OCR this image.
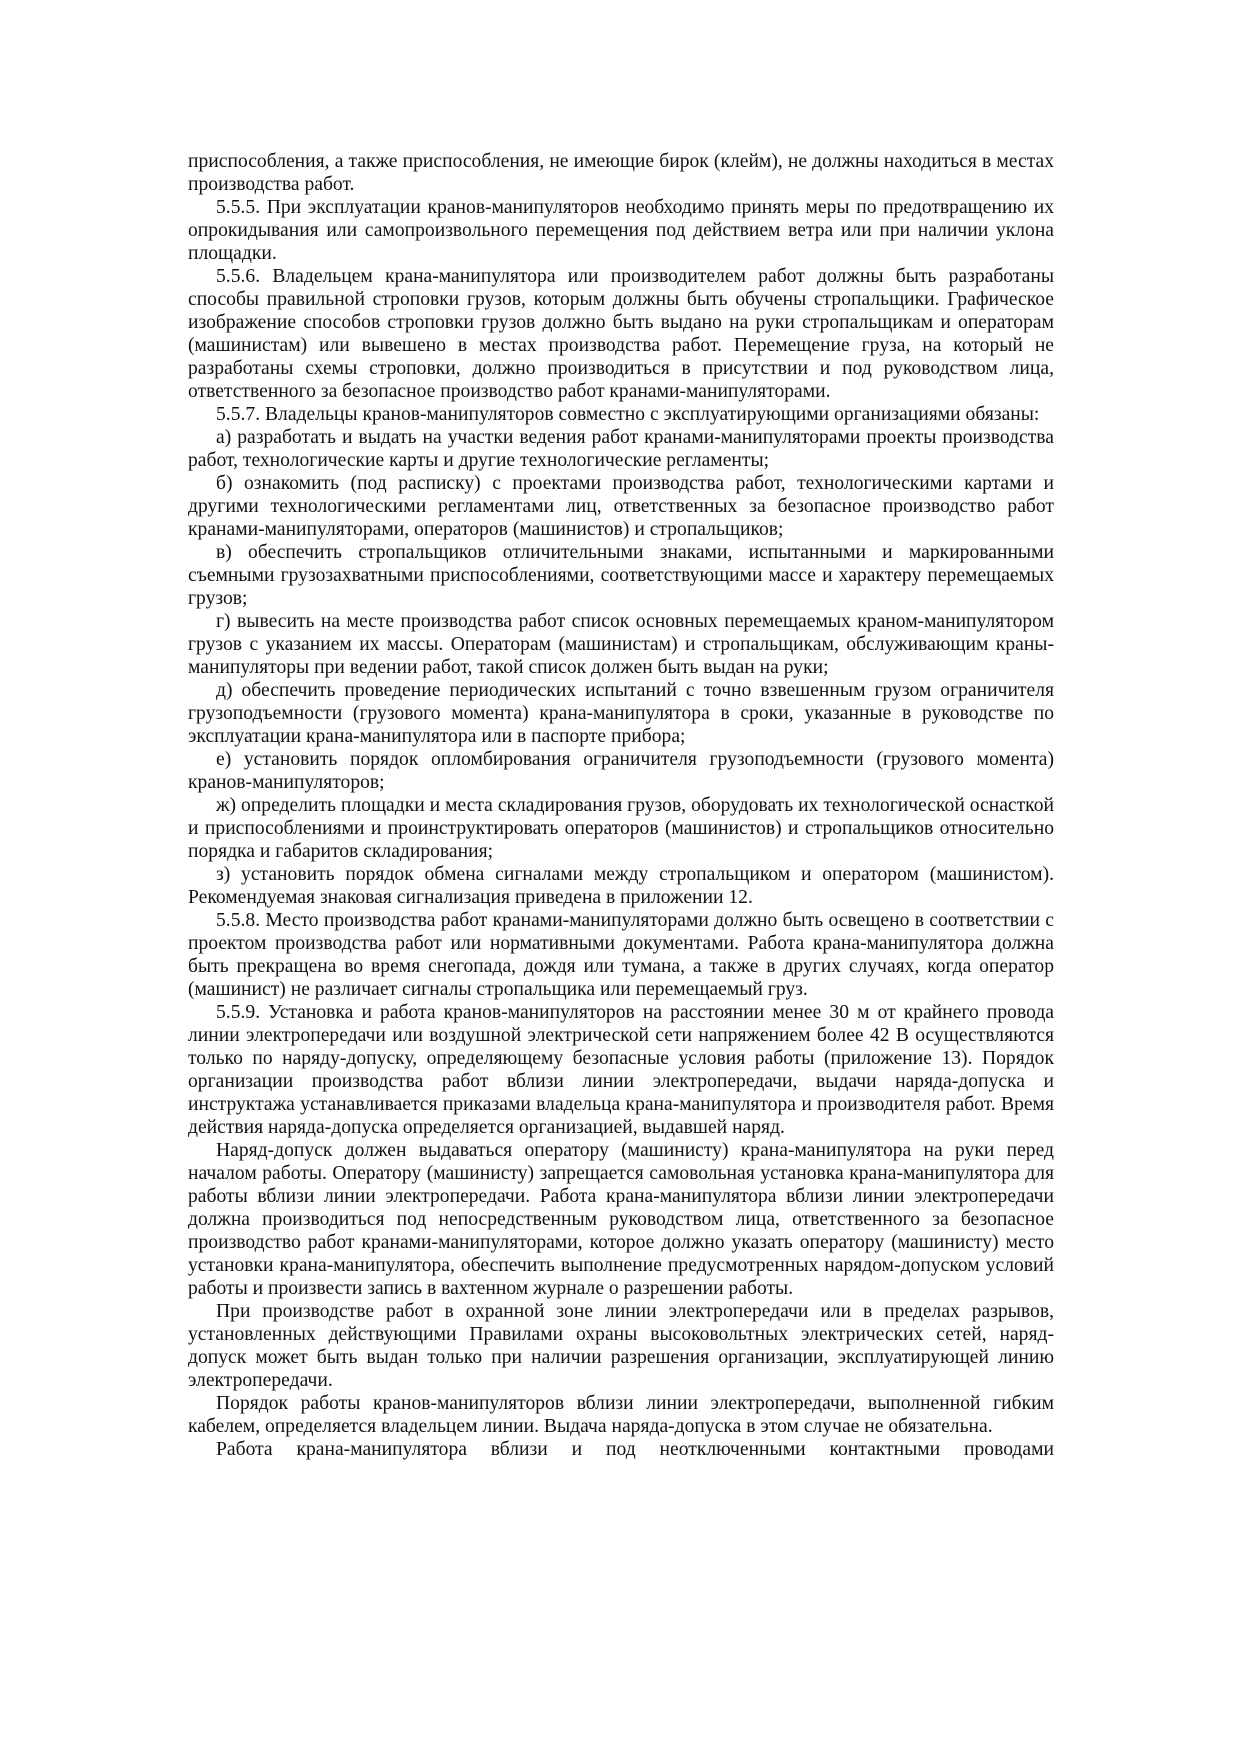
приспособления, а также приспособления, не имеющие бирок (клейм), не должны находиться в местах производства работ.

5.5.5. При эксплуатации кранов-манипуляторов необходимо принять меры по предотвращению их опрокидывания или самопроизвольного перемещения под действием ветра или при наличии уклона площадки.

5.5.6. Владельцем крана-манипулятора или производителем работ должны быть разработаны способы правильной строповки грузов, которым должны быть обучены стропальщики. Графическое изображение способов строповки грузов должно быть выдано на руки стропальщикам и операторам (машинистам) или вывешено в местах производства работ. Перемещение груза, на который не разработаны схемы строповки, должно производиться в присутствии и под руководством лица, ответственного за безопасное производство работ кранами-манипуляторами.

5.5.7. Владельцы кранов-манипуляторов совместно с эксплуатирующими организациями обязаны:

а) разработать и выдать на участки ведения работ кранами-манипуляторами проекты производства работ, технологические карты и другие технологические регламенты;

б) ознакомить (под расписку) с проектами производства работ, технологическими картами и другими технологическими регламентами лиц, ответственных за безопасное производство работ кранами-манипуляторами, операторов (машинистов) и стропальщиков;

в) обеспечить стропальщиков отличительными знаками, испытанными и маркированными съемными грузозахватными приспособлениями, соответствующими массе и характеру перемещаемых грузов;

г) вывесить на месте производства работ список основных перемещаемых краном-манипулятором грузов с указанием их массы. Операторам (машинистам) и стропальщикам, обслуживающим краны-манипуляторы при ведении работ, такой список должен быть выдан на руки;

д) обеспечить проведение периодических испытаний с точно взвешенным грузом ограничителя грузоподъемности (грузового момента) крана-манипулятора в сроки, указанные в руководстве по эксплуатации крана-манипулятора или в паспорте прибора;

е) установить порядок опломбирования ограничителя грузоподъемности (грузового момента) кранов-манипуляторов;

ж) определить площадки и места складирования грузов, оборудовать их технологической оснасткой и приспособлениями и проинструктировать операторов (машинистов) и стропальщиков относительно порядка и габаритов складирования;

з) установить порядок обмена сигналами между стропальщиком и оператором (машинистом). Рекомендуемая знаковая сигнализация приведена в приложении 12.

5.5.8. Место производства работ кранами-манипуляторами должно быть освещено в соответствии с проектом производства работ или нормативными документами. Работа крана-манипулятора должна быть прекращена во время снегопада, дождя или тумана, а также в других случаях, когда оператор (машинист) не различает сигналы стропальщика или перемещаемый груз.

5.5.9. Установка и работа кранов-манипуляторов на расстоянии менее 30 м от крайнего провода линии электропередачи или воздушной электрической сети напряжением более 42 В осуществляются только по наряду-допуску, определяющему безопасные условия работы (приложение 13). Порядок организации производства работ вблизи линии электропередачи, выдачи наряда-допуска и инструктажа устанавливается приказами владельца крана-манипулятора и производителя работ. Время действия наряда-допуска определяется организацией, выдавшей наряд.

Наряд-допуск должен выдаваться оператору (машинисту) крана-манипулятора на руки перед началом работы. Оператору (машинисту) запрещается самовольная установка крана-манипулятора для работы вблизи линии электропередачи. Работа крана-манипулятора вблизи линии электропередачи должна производиться под непосредственным руководством лица, ответственного за безопасное производство работ кранами-манипуляторами, которое должно указать оператору (машинисту) место установки крана-манипулятора, обеспечить выполнение предусмотренных нарядом-допуском условий работы и произвести запись в вахтенном журнале о разрешении работы.

При производстве работ в охранной зоне линии электропередачи или в пределах разрывов, установленных действующими Правилами охраны высоковольтных электрических сетей, наряд-допуск может быть выдан только при наличии разрешения организации, эксплуатирующей линию электропередачи.

Порядок работы кранов-манипуляторов вблизи линии электропередачи, выполненной гибким кабелем, определяется владельцем линии. Выдача наряда-допуска в этом случае не обязательна.

Работа крана-манипулятора вблизи и под неотключенными контактными проводами
